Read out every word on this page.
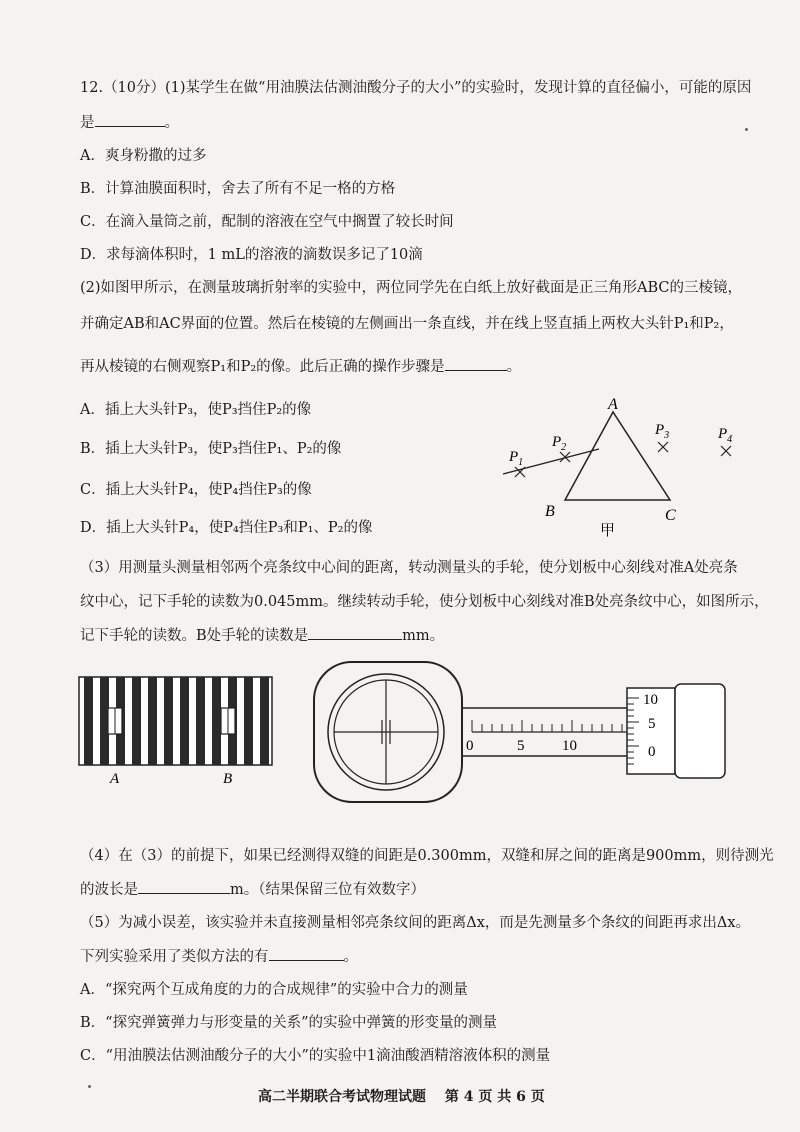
12.（10分）(1)某学生在做“用油膜法估测油酸分子的大小”的实验时，发现计算的直径偏小，可能的原因
是	。
A．爽身粉撒的过多
B．计算油膜面积时，舍去了所有不足一格的方格
C．在滴入量筒之前，配制的溶液在空气中搁置了较长时间
D．求每滴体积时，1 mL的溶液的滴数误多记了10滴
(2)如图甲所示，在测量玻璃折射率的实验中，两位同学先在白纸上放好截面是正三角形ABC的三棱镜，
并确定AB和AC界面的位置。然后在棱镜的左侧画出一条直线，并在线上竖直插上两枚大头针P₁和P₂，
再从棱镜的右侧观察P₁和P₂的像。此后正确的操作步骤是	。
A．插上大头针P₃，使P₃挡住P₂的像
B．插上大头针P₃，使P₃挡住P₁、P₂的像
C．插上大头针P₄，使P₄挡住P₃的像
D．插上大头针P₄，使P₄挡住P₃和P₁、P₂的像
A
B	C
$P_1$
$P_2$
$P_3$	$P_4$
甲
（3）用测量头测量相邻两个亮条纹中心间的距离，转动测量头的手轮，使分划板中心刻线对准A处亮条
纹中心，记下手轮的读数为0.045mm。继续转动手轮，使分划板中心刻线对准B处亮条纹中心，如图所示，
记下手轮的读数。B处手轮的读数是	mm。
A	B
0	5	10
10
5
0
（4）在（3）的前提下，如果已经测得双缝的间距是0.300mm，双缝和屏之间的距离是900mm，则待测光
的波长是	m。（结果保留三位有效数字）
（5）为减小误差，该实验并未直接测量相邻亮条纹间的距离Δx，而是先测量多个条纹的间距再求出Δx。
下列实验采用了类似方法的有	。
A．“探究两个互成角度的力的合成规律”的实验中合力的测量
B．“探究弹簧弹力与形变量的关系”的实验中弹簧的形变量的测量
C．“用油膜法估测油酸分子的大小”的实验中1滴油酸酒精溶液体积的测量
高二半期联合考试物理试题　 第 4 页 共 6 页
